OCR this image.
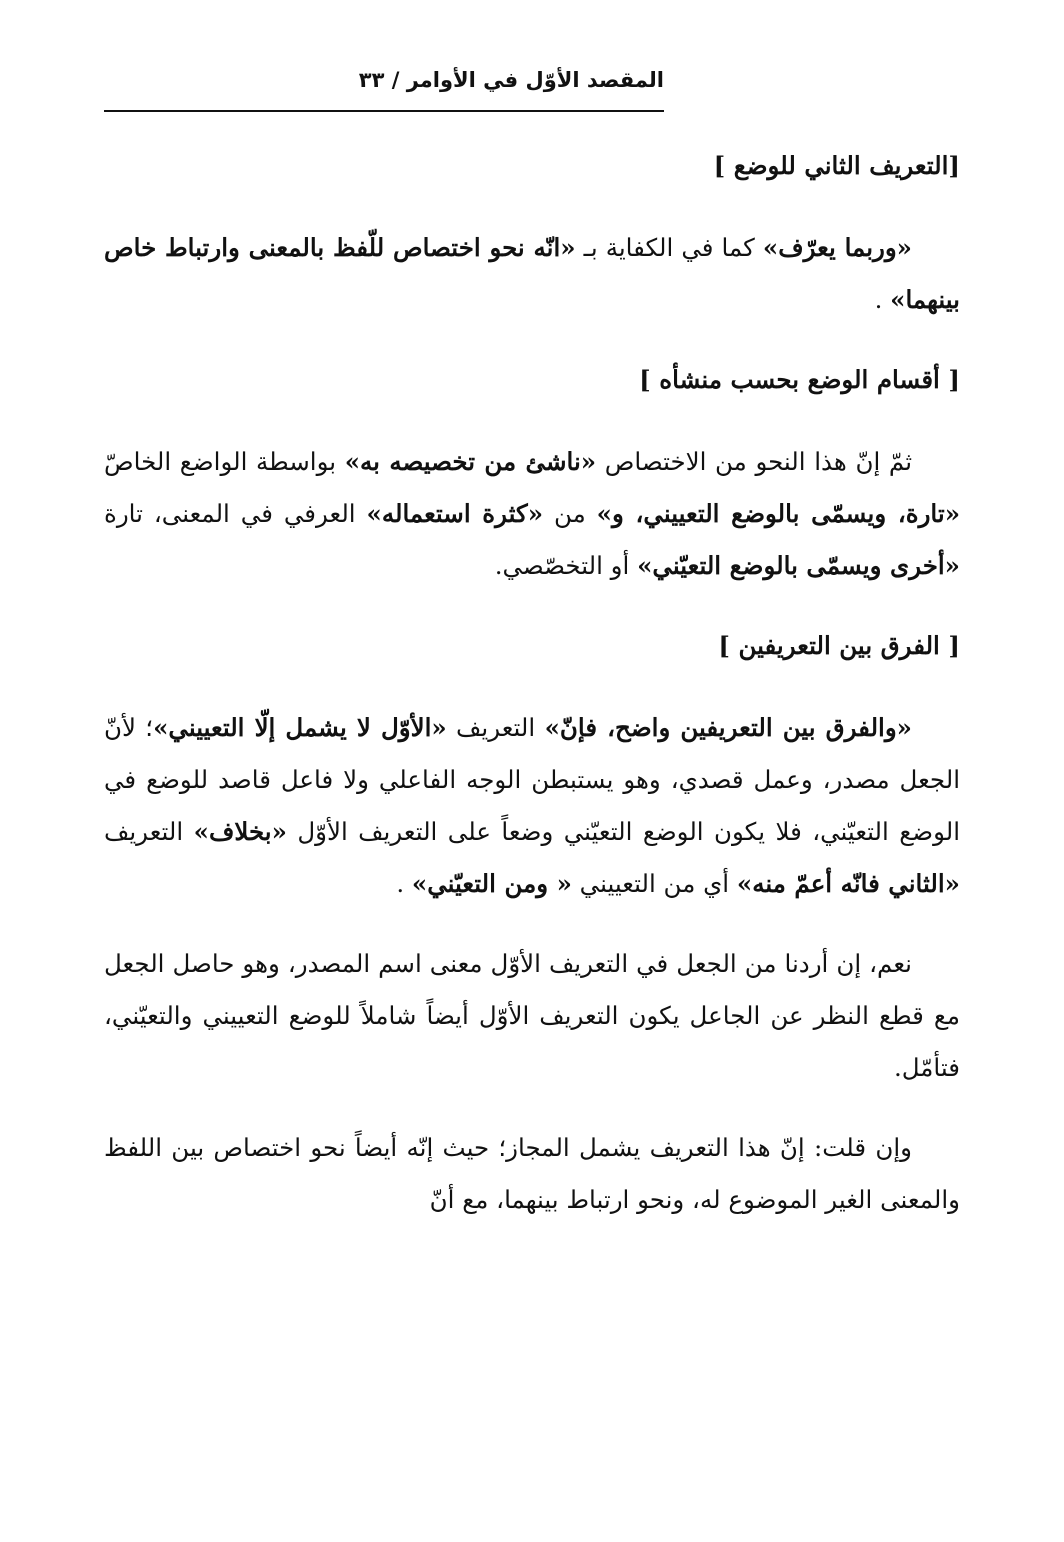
المقصد الأوّل في الأوامر / ٣٣
[التعريف الثاني للوضع ]

«وربما يعرّف» كما في الكفاية بـ «انّه نحو اختصاص للّفظ بالمعنى وارتباط خاص بينهما» .

[ أقسام الوضع بحسب منشأه ]

ثمّ إنّ هذا النحو من الاختصاص «ناشئ من تخصيصه به» بواسطة الواضع الخاصّ «تارة، ويسمّى بالوضع التعييني، و» من «كثرة استعماله» العرفي في المعنى، تارة «أخرى ويسمّى بالوضع التعيّني» أو التخصّصي.

[ الفرق بين التعريفين ]

«والفرق بين التعريفين واضح، فإنّ» التعريف «الأوّل لا يشمل إلّا التعييني»؛ لأنّ الجعل مصدر، وعمل قصدي، وهو يستبطن الوجه الفاعلي ولا فاعل قاصد للوضع في الوضع التعيّني، فلا يكون الوضع التعيّني وضعاً على التعريف الأوّل «بخلاف» التعريف «الثاني فانّه أعمّ منه» أي من التعييني « ومن التعيّني» .

نعم، إن أردنا من الجعل في التعريف الأوّل معنى اسم المصدر، وهو حاصل الجعل مع قطع النظر عن الجاعل يكون التعريف الأوّل أيضاً شاملاً للوضع التعييني والتعيّني، فتأمّل.

وإن قلت: إنّ هذا التعريف يشمل المجاز؛ حيث إنّه أيضاً نحو اختصاص بين اللفظ والمعنى الغير الموضوع له، ونحو ارتباط بينهما، مع أنّ
